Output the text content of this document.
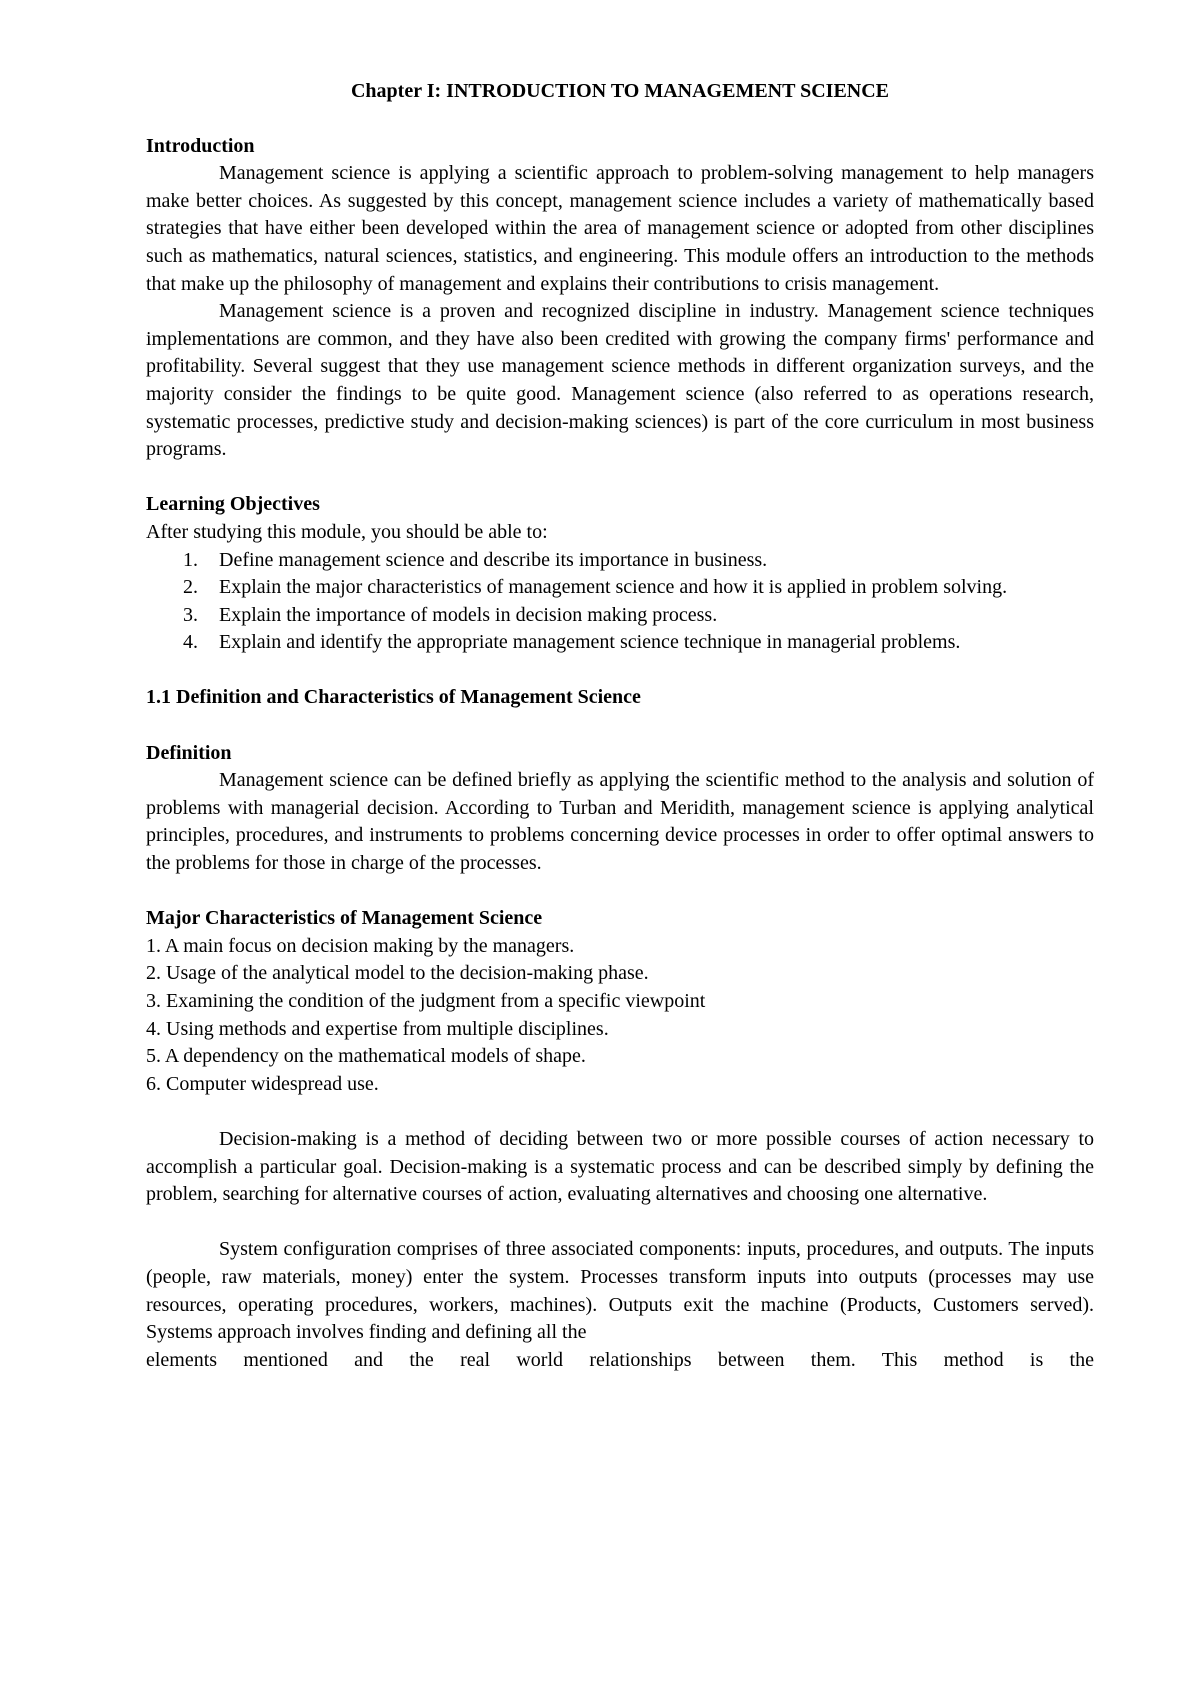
Chapter I: INTRODUCTION TO MANAGEMENT SCIENCE

Introduction

Management science is applying a scientific approach to problem-solving management to help managers make better choices. As suggested by this concept, management science includes a variety of mathematically based strategies that have either been developed within the area of management science or adopted from other disciplines such as mathematics, natural sciences, statistics, and engineering. This module offers an introduction to the methods that make up the philosophy of management and explains their contributions to crisis management.

Management science is a proven and recognized discipline in industry. Management science techniques implementations are common, and they have also been credited with growing the company firms' performance and profitability. Several suggest that they use management science methods in different organization surveys, and the majority consider the findings to be quite good. Management science (also referred to as operations research, systematic processes, predictive study and decision-making sciences) is part of the core curriculum in most business programs.

Learning Objectives

After studying this module, you should be able to:

1. Define management science and describe its importance in business.
2. Explain the major characteristics of management science and how it is applied in problem solving.
3. Explain the importance of models in decision making process.
4. Explain and identify the appropriate management science technique in managerial problems.

1.1 Definition and Characteristics of Management Science

Definition

Management science can be defined briefly as applying the scientific method to the analysis and solution of problems with managerial decision. According to Turban and Meridith, management science is applying analytical principles, procedures, and instruments to problems concerning device processes in order to offer optimal answers to the problems for those in charge of the processes.

Major Characteristics of Management Science

1. A main focus on decision making by the managers.
2. Usage of the analytical model to the decision-making phase.
3. Examining the condition of the judgment from a specific viewpoint
4. Using methods and expertise from multiple disciplines.
5. A dependency on the mathematical models of shape.
6. Computer widespread use.

Decision-making is a method of deciding between two or more possible courses of action necessary to accomplish a particular goal. Decision-making is a systematic process and can be described simply by defining the problem, searching for alternative courses of action, evaluating alternatives and choosing one alternative.

System configuration comprises of three associated components: inputs, procedures, and outputs. The inputs (people, raw materials, money) enter the system. Processes transform inputs into outputs (processes may use resources, operating procedures, workers, machines). Outputs exit the machine (Products, Customers served). Systems approach involves finding and defining all the

elements mentioned and the real world relationships between them. This method is the
